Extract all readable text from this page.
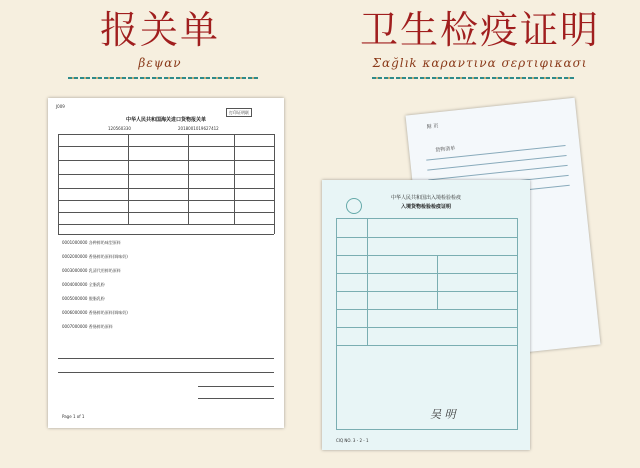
报关单	卫生检疫证明
βεψαν	Σαğlık καραντινα σερτιφικασι
J009
打印证明联
中华人民共和国海关进口货物报关单
120560330	2018001019627412
0001000000 各种鲜奶味型原料
0002000000 香肠鲜奶原料(调味奶)
0003000000 乳清代用鲜奶原料
0004000000 全脂乳粉
0005000000 脱脂乳粉
0006000000 香肠鲜奶原料(调味奶)
0007000000 香肠鲜奶原料
Page 1 of 1
附 页
货物清单
中华人民共和国出入境检验检疫
入境货物检验检疫证明
吴 明
CIQ NO. 3 - 2 - 1
